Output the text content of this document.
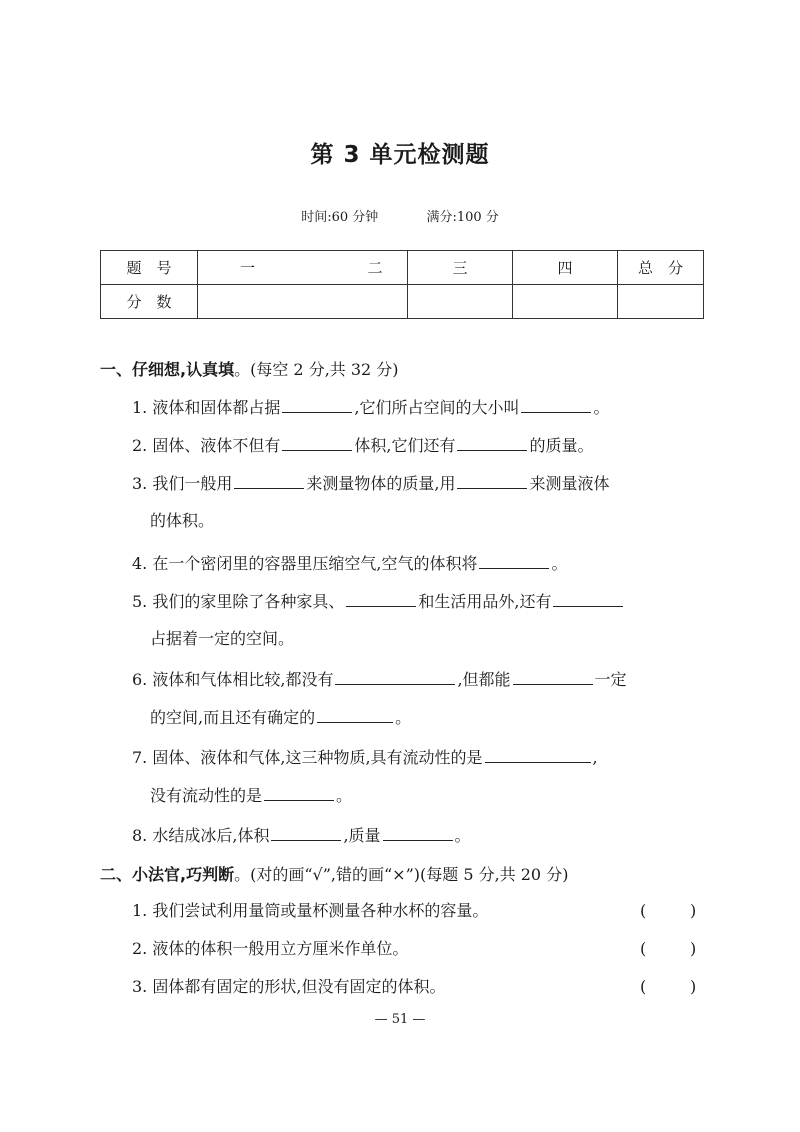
第 3 单元检测题
时间:60 分钟	满分:100 分
题　号	一	二	三	四	总　分
分　数					
一、仔细想,认真填。(每空 2 分,共 32 分)
1. 液体和固体都占据	,它们所占空间的大小叫	。
2. 固体、液体不但有	体积,它们还有	的质量。
3. 我们一般用	来测量物体的质量,用	来测量液体
的体积。
4. 在一个密闭里的容器里压缩空气,空气的体积将	。
5. 我们的家里除了各种家具、	和生活用品外,还有
占据着一定的空间。
6. 液体和气体相比较,都没有	,但都能	一定
的空间,而且还有确定的	。
7. 固体、液体和气体,这三种物质,具有流动性的是	,
没有流动性的是	。
8. 水结成冰后,体积	,质量	。
二、小法官,巧判断。(对的画“√”,错的画“×”)(每题 5 分,共 20 分)
1. 我们尝试利用量筒或量杯测量各种水杯的容量。	(	)
2. 液体的体积一般用立方厘米作单位。	(	)
3. 固体都有固定的形状,但没有固定的体积。	(	)
— 51 —
